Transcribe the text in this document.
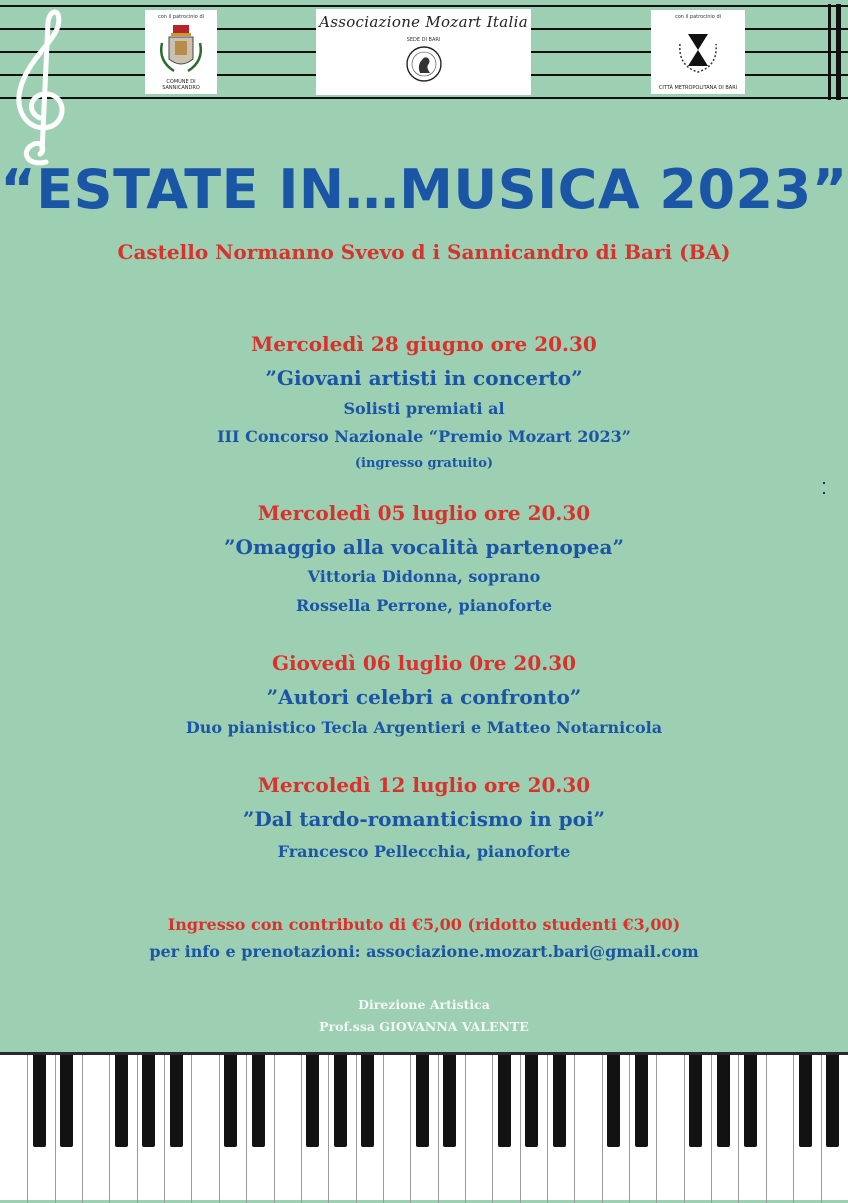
con il patrocinio di
COMUNE DI SANNICANDRO
Associazione Mozart Italia
SEDE DI BARI
con il patrocinio di
CITTÀ METROPOLITANA DI BARI
“ESTATE IN…MUSICA 2023”
Castello Normanno Svevo d i Sannicandro di Bari (BA)
Mercoledì 28 giugno ore 20.30
”Giovani artisti in concerto”
Solisti premiati al
III Concorso Nazionale “Premio Mozart 2023”
(ingresso gratuito)
Mercoledì 05 luglio ore 20.30
”Omaggio alla vocalità partenopea”
Vittoria Didonna, soprano
Rossella Perrone, pianoforte
Giovedì 06 luglio 0re 20.30
”Autori celebri a confronto”
Duo pianistico Tecla Argentieri e Matteo Notarnicola
Mercoledì 12 luglio ore 20.30
”Dal tardo-romanticismo in poi”
Francesco Pellecchia, pianoforte
Ingresso con contributo di €5,00 (ridotto studenti €3,00)
per info e prenotazioni: associazione.mozart.bari@gmail.com
Direzione Artistica
Prof.ssa GIOVANNA VALENTE
